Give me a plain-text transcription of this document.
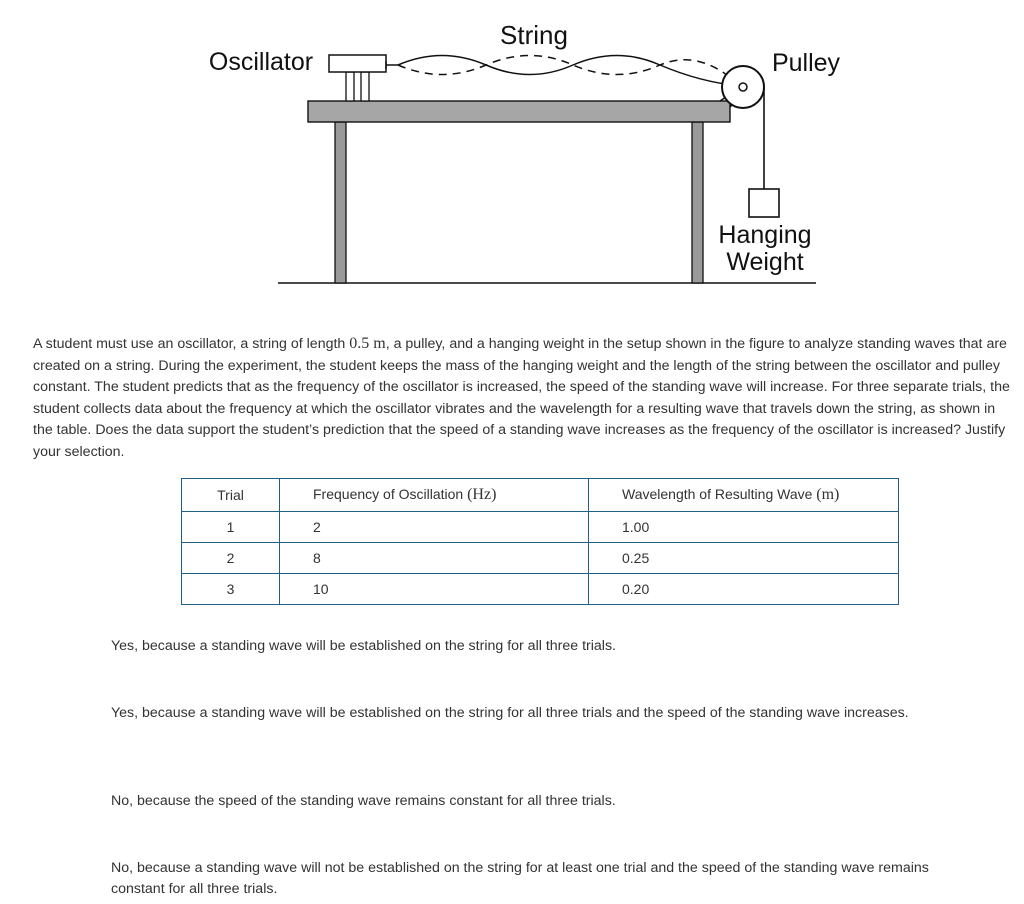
String
Oscillator	Pulley
Hanging
Weight

A student must use an oscillator, a string of length 0.5 m, a pulley, and a hanging weight in the setup shown in the figure to analyze standing waves that are created on a string. During the experiment, the student keeps the mass of the hanging weight and the length of the string between the oscillator and pulley constant. The student predicts that as the frequency of the oscillator is increased, the speed of the standing wave will increase. For three separate trials, the student collects data about the frequency at which the oscillator vibrates and the wavelength for a resulting wave that travels down the string, as shown in the table. Does the data support the student’s prediction that the speed of a standing wave increases as the frequency of the oscillator is increased? Justify your selection.

Trial	Frequency of Oscillation (Hz)	Wavelength of Resulting Wave (m)
1	2	1.00
2	8	0.25
3	10	0.20

Yes, because a standing wave will be established on the string for all three trials.

Yes, because a standing wave will be established on the string for all three trials and the speed of the standing wave increases.

No, because the speed of the standing wave remains constant for all three trials.

No, because a standing wave will not be established on the string for at least one trial and the speed of the standing wave remains constant for all three trials.
